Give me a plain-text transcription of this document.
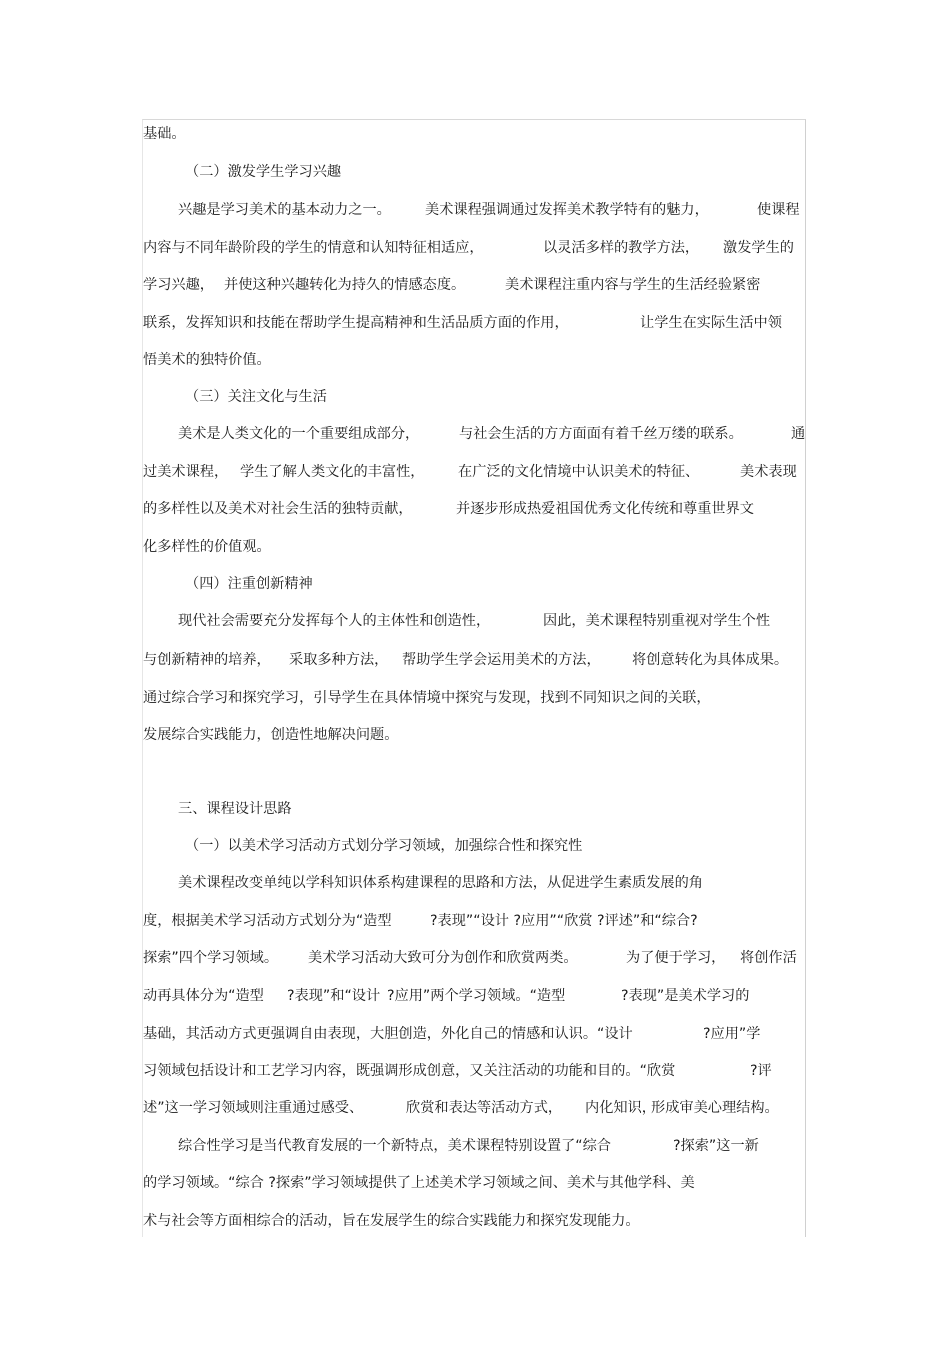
基础。
（二）激发学生学习兴趣
兴趣是学习美术的基本动力之一。 美术课程强调通过发挥美术教学特有的魅力，	使课程
内容与不同年龄阶段的学生的情意和认知特征相适应，	以灵活多样的教学方法， 激发学生的
学习兴趣， 并使这种兴趣转化为持久的情感态度。	美术课程注重内容与学生的生活经验紧密
联系，发挥知识和技能在帮助学生提高精神和生活品质方面的作用，	让学生在实际生活中领
悟美术的独特价值。
（三）关注文化与生活
美术是人类文化的一个重要组成部分，	与社会生活的方方面面有着千丝万缕的联系。	通
过美术课程， 学生了解人类文化的丰富性， 在广泛的文化情境中认识美术的特征、	美术表现
的多样性以及美术对社会生活的独特贡献，	并逐步形成热爱祖国优秀文化传统和尊重世界文
化多样性的价值观。
（四）注重创新精神
现代社会需要充分发挥每个人的主体性和创造性，	因此，美术课程特别重视对学生个性
与创新精神的培养， 采取多种方法， 帮助学生学会运用美术的方法， 将创意转化为具体成果。
通过综合学习和探究学习，引导学生在具体情境中探究与发现，找到不同知识之间的关联，
发展综合实践能力，创造性地解决问题。
三、课程设计思路
（一）以美术学习活动方式划分学习领域，加强综合性和探究性
美术课程改变单纯以学科知识体系构建课程的思路和方法，从促进学生素质发展的角
度，根据美术学习活动方式划分为“造型	?表现”“设计 ?应用”“欣赏 ?评述”和“综合?
探索”四个学习领域。 美术学习活动大致可分为创作和欣赏两类。	为了便于学习， 将创作活
动再具体分为“造型 ?表现”和“设计 ?应用”两个学习领域。“造型	?表现”是美术学习的
基础，其活动方式更强调自由表现，大胆创造，外化自己的情感和认识。“设计	?应用”学
习领域包括设计和工艺学习内容，既强调形成创意，又关注活动的功能和目的。“欣赏	?评
述”这一学习领域则注重通过感受、	欣赏和表达等活动方式， 内化知识，
形成审美心理结构。
综合性学习是当代教育发展的一个新特点，美术课程特别设置了“综合	?探索”这一新
的学习领域。“综合 ?探索”学习领域提供了上述美术学习领域之间、美术与其他学科、美
术与社会等方面相综合的活动，旨在发展学生的综合实践能力和探究发现能力。
